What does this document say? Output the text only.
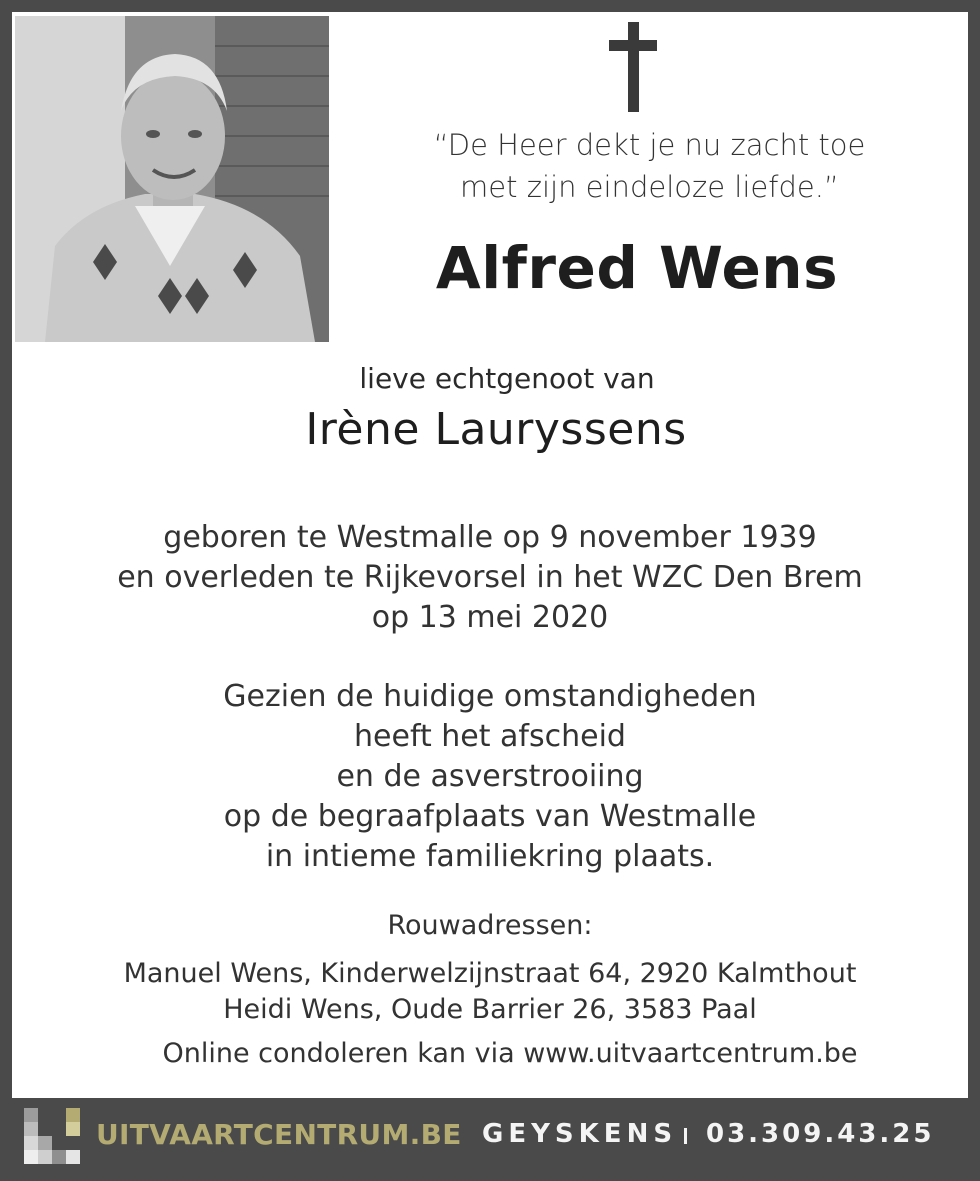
“De Heer dekt je nu zacht toe
met zijn eindeloze liefde.”
Alfred Wens
lieve echtgenoot van
Irène Lauryssens
geboren te Westmalle op 9 november 1939
en overleden te Rijkevorsel in het WZC Den Brem
op 13 mei 2020
Gezien de huidige omstandigheden
heeft het afscheid
en de asverstrooiing
op de begraafplaats van Westmalle
in intieme familiekring plaats.
Rouwadressen:
Manuel Wens, Kinderwelzijnstraat 64, 2920 Kalmthout
Heidi Wens, Oude Barrier 26, 3583 Paal
Online condoleren kan via www.uitvaartcentrum.be
UITVAARTCENTRUM.BE GEYSKENS 03.309.43.25
